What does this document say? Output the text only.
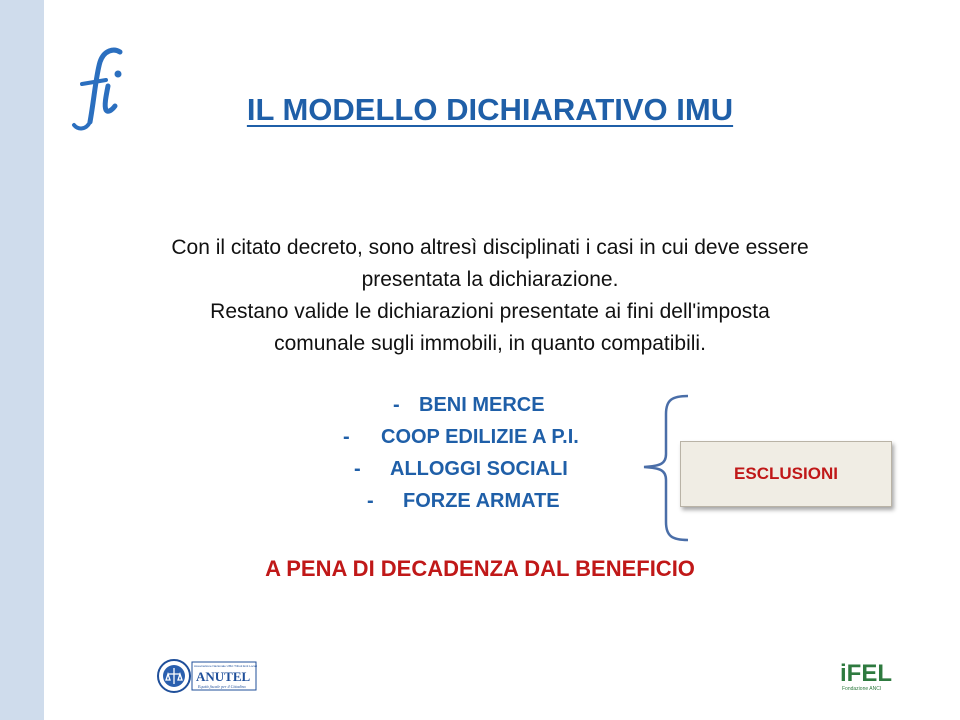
fi
IL MODELLO DICHIARATIVO IMU
Con il citato decreto, sono altresì disciplinati i casi in cui deve essere
presentata la dichiarazione.
Restano valide le dichiarazioni presentate ai fini dell'imposta
comunale sugli immobili, in quanto compatibili.
- BENI MERCE
- COOP EDILIZIE A P.I.
- ALLOGGI SOCIALI
- FORZE ARMATE
ESCLUSIONI
A PENA DI DECADENZA DAL BENEFICIO
Associazione Nazionale Uffici Tributi Enti Locali
ANUTEL
Equità fiscale per il Cittadino	iFEL
Fondazione ANCI
